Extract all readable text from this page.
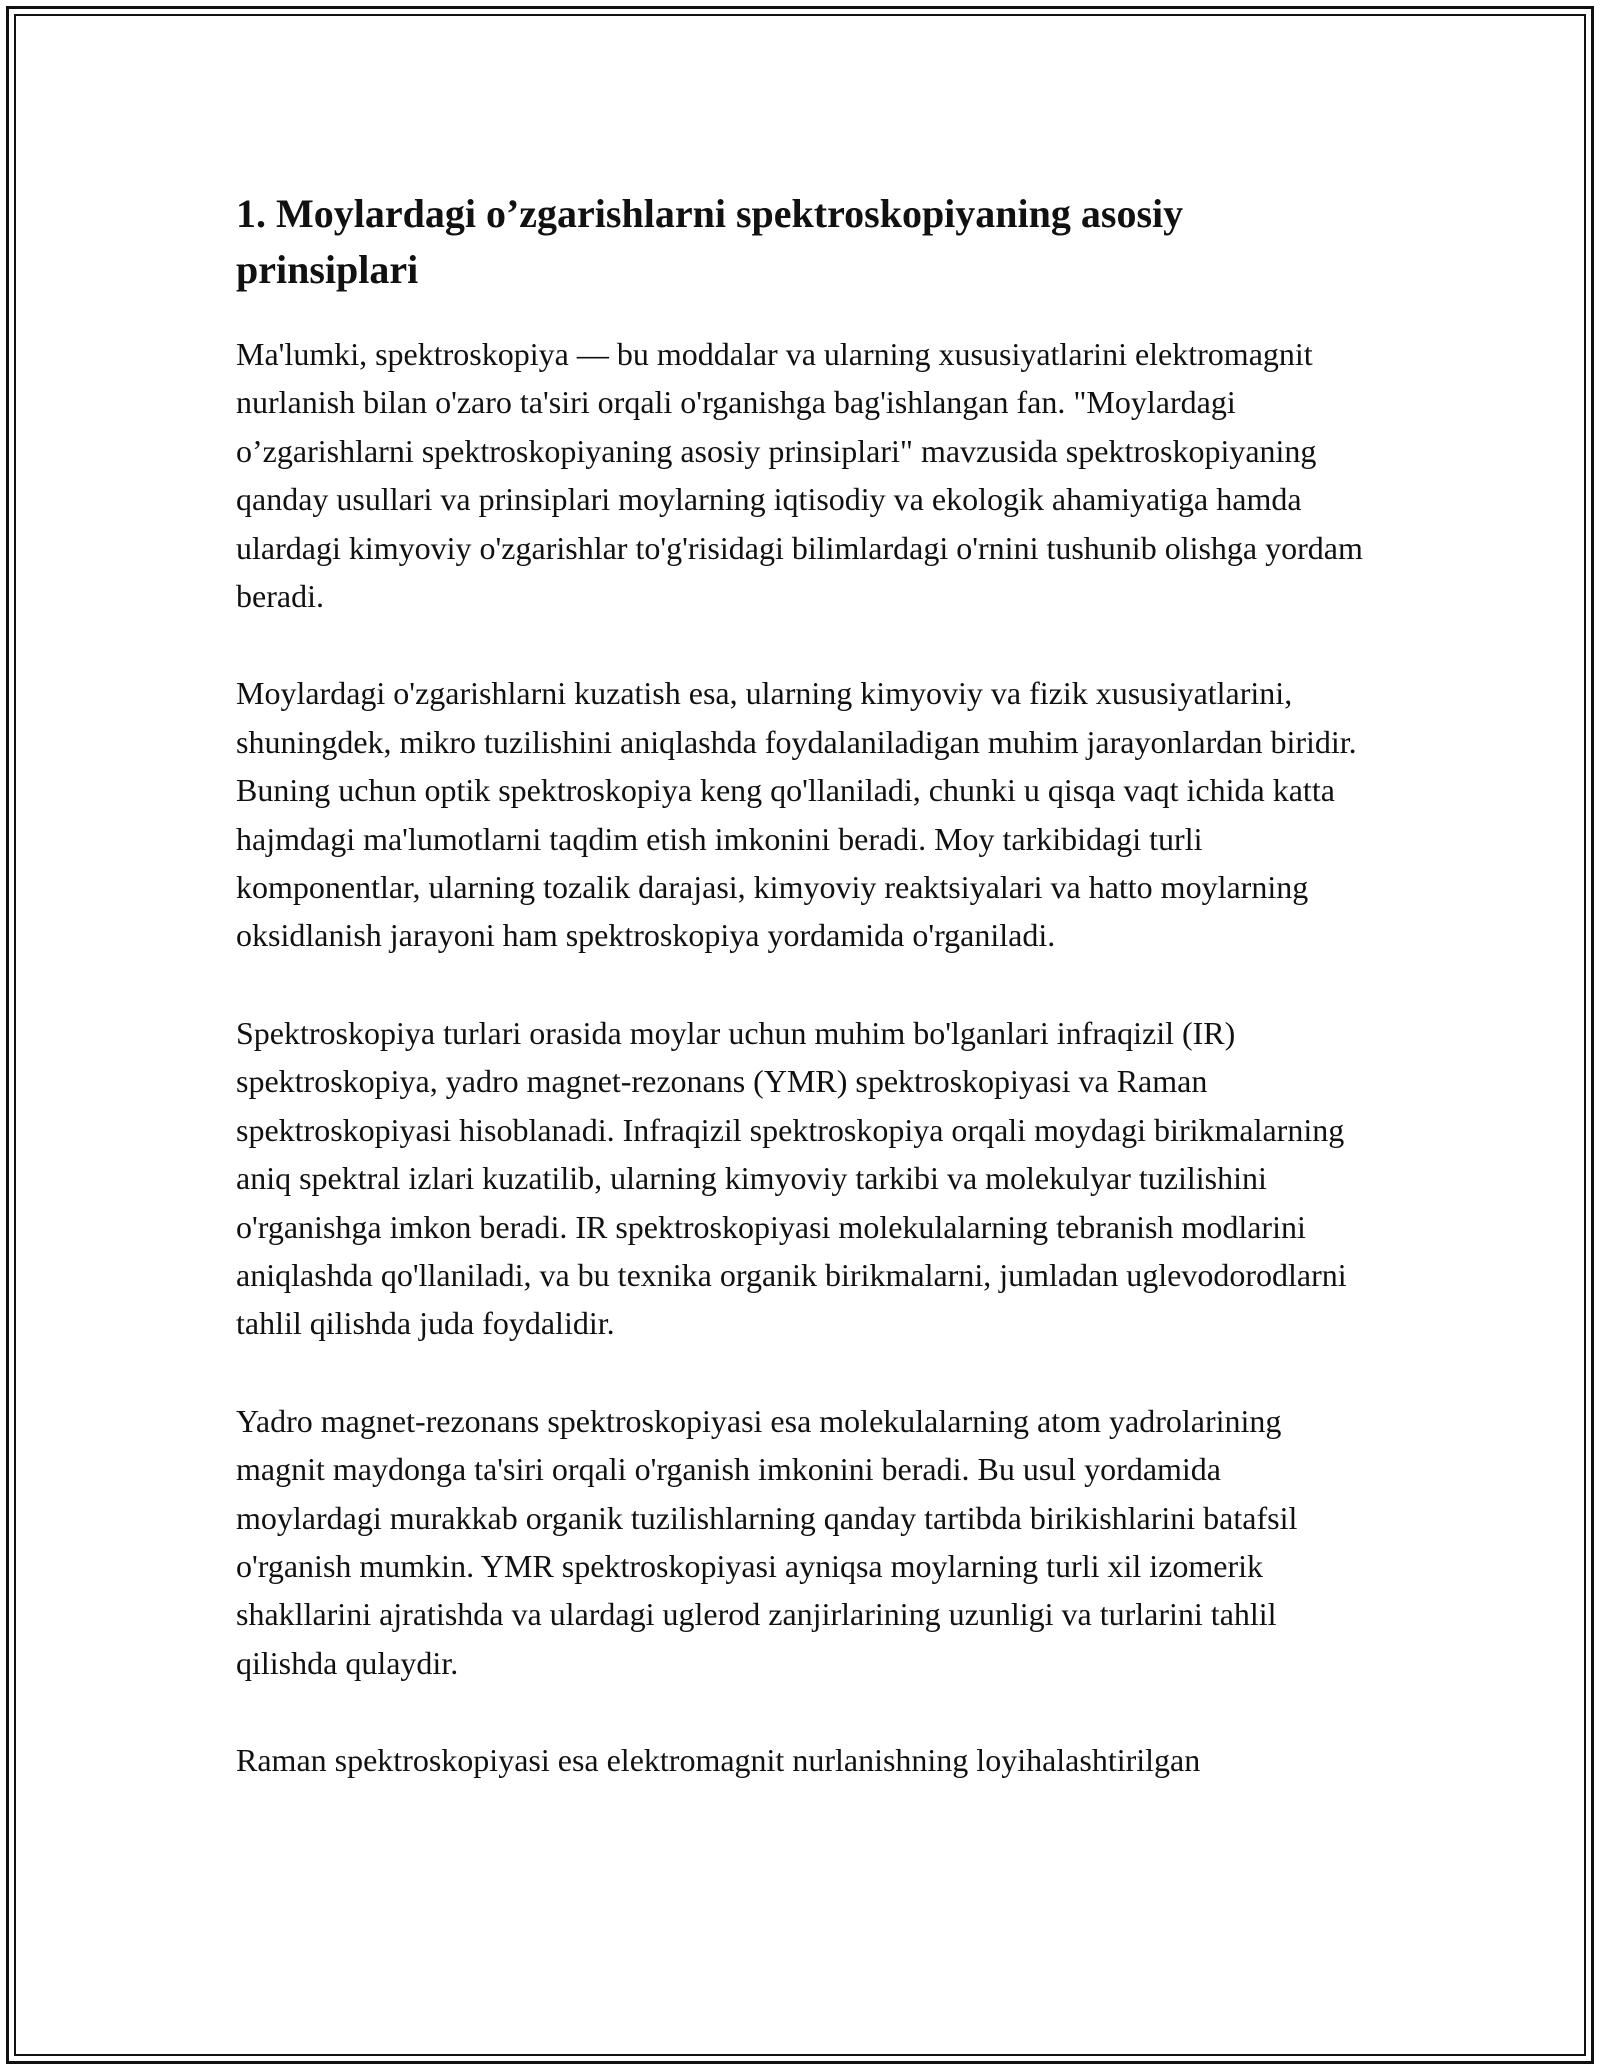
1. Moylardagi o’zgarishlarni spektroskopiyaning asosiy prinsiplari

Ma'lumki, spektroskopiya — bu moddalar va ularning xususiyatlarini elektromagnit nurlanish bilan o'zaro ta'siri orqali o'rganishga bag'ishlangan fan. "Moylardagi o’zgarishlarni spektroskopiyaning asosiy prinsiplari" mavzusida spektroskopiyaning qanday usullari va prinsiplari moylarning iqtisodiy va ekologik ahamiyatiga hamda ulardagi kimyoviy o'zgarishlar to'g'risidagi bilimlardagi o'rnini tushunib olishga yordam beradi.

Moylardagi o'zgarishlarni kuzatish esa, ularning kimyoviy va fizik xususiyatlarini, shuningdek, mikro tuzilishini aniqlashda foydalaniladigan muhim jarayonlardan biridir. Buning uchun optik spektroskopiya keng qo'llaniladi, chunki u qisqa vaqt ichida katta hajmdagi ma'lumotlarni taqdim etish imkonini beradi. Moy tarkibidagi turli komponentlar, ularning tozalik darajasi, kimyoviy reaktsiyalari va hatto moylarning oksidlanish jarayoni ham spektroskopiya yordamida o'rganiladi.

Spektroskopiya turlari orasida moylar uchun muhim bo'lganlari infraqizil (IR) spektroskopiya, yadro magnet-rezonans (YMR) spektroskopiyasi va Raman spektroskopiyasi hisoblanadi. Infraqizil spektroskopiya orqali moydagi birikmalarning aniq spektral izlari kuzatilib, ularning kimyoviy tarkibi va molekulyar tuzilishini o'rganishga imkon beradi. IR spektroskopiyasi molekulalarning tebranish modlarini aniqlashda qo'llaniladi, va bu texnika organik birikmalarni, jumladan uglevodorodlarni tahlil qilishda juda foydalidir.

Yadro magnet-rezonans spektroskopiyasi esa molekulalarning atom yadrolarining magnit maydonga ta'siri orqali o'rganish imkonini beradi. Bu usul yordamida moylardagi murakkab organik tuzilishlarning qanday tartibda birikishlarini batafsil o'rganish mumkin. YMR spektroskopiyasi ayniqsa moylarning turli xil izomerik shakllarini ajratishda va ulardagi uglerod zanjirlarining uzunligi va turlarini tahlil qilishda qulaydir.

Raman spektroskopiyasi esa elektromagnit nurlanishning loyihalashtirilgan
